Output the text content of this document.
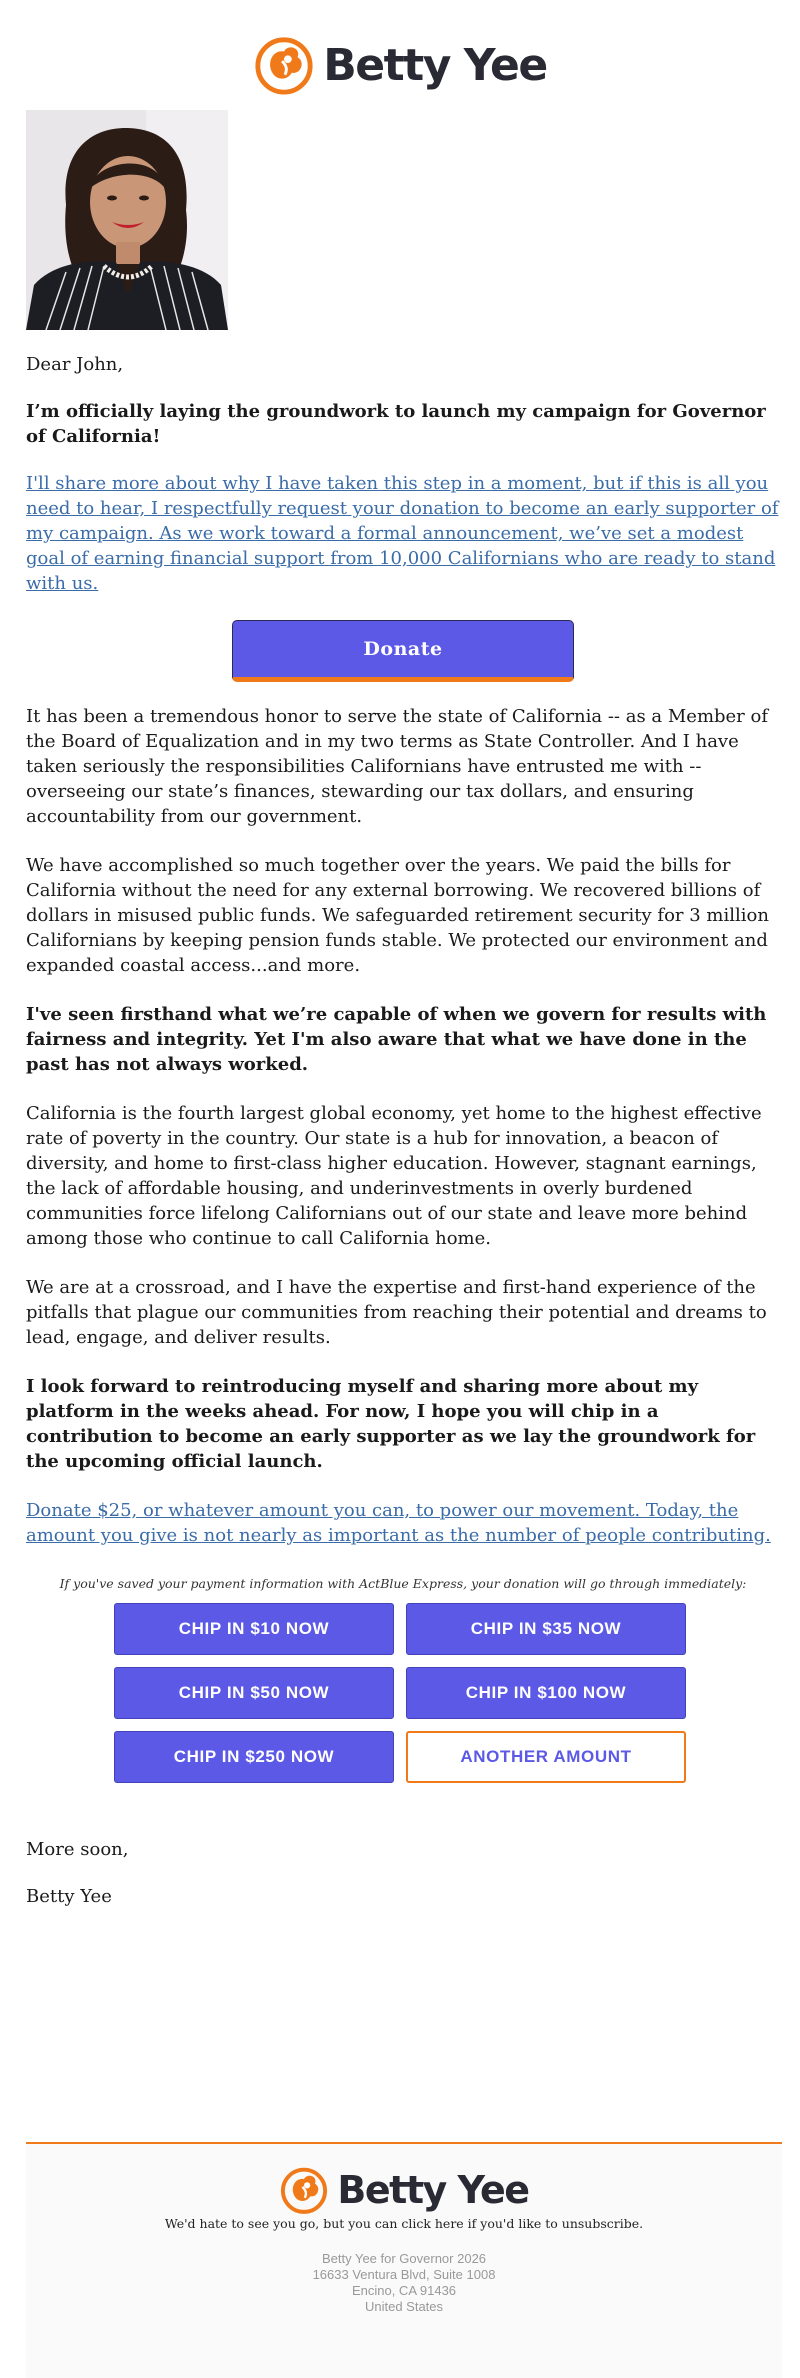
Betty Yee

Dear John,

I’m officially laying the groundwork to launch my campaign for Governor of California!

I'll share more about why I have taken this step in a moment, but if this is all you need to hear, I respectfully request your donation to become an early supporter of my campaign. As we work toward a formal announcement, we’ve set a modest goal of earning financial support from 10,000 Californians who are ready to stand with us.

Donate

It has been a tremendous honor to serve the state of California -- as a Member of the Board of Equalization and in my two terms as State Controller. And I have taken seriously the responsibilities Californians have entrusted me with -- overseeing our state’s finances, stewarding our tax dollars, and ensuring accountability from our government.

We have accomplished so much together over the years. We paid the bills for California without the need for any external borrowing. We recovered billions of dollars in misused public funds. We safeguarded retirement security for 3 million Californians by keeping pension funds stable. We protected our environment and expanded coastal access...and more.

I've seen firsthand what we’re capable of when we govern for results with fairness and integrity. Yet I'm also aware that what we have done in the past has not always worked.

California is the fourth largest global economy, yet home to the highest effective rate of poverty in the country. Our state is a hub for innovation, a beacon of diversity, and home to first-class higher education. However, stagnant earnings, the lack of affordable housing, and underinvestments in overly burdened communities force lifelong Californians out of our state and leave more behind among those who continue to call California home.

We are at a crossroad, and I have the expertise and first-hand experience of the pitfalls that plague our communities from reaching their potential and dreams to lead, engage, and deliver results.

I look forward to reintroducing myself and sharing more about my platform in the weeks ahead. For now, I hope you will chip in a contribution to become an early supporter as we lay the groundwork for the upcoming official launch.

Donate $25, or whatever amount you can, to power our movement. Today, the amount you give is not nearly as important as the number of people contributing.

If you've saved your payment information with ActBlue Express, your donation will go through immediately:

CHIP IN $10 NOW	CHIP IN $35 NOW
CHIP IN $50 NOW	CHIP IN $100 NOW
CHIP IN $250 NOW	ANOTHER AMOUNT

More soon,

Betty Yee

Betty Yee

We'd hate to see you go, but you can click here if you'd like to unsubscribe.

Betty Yee for Governor 2026
16633 Ventura Blvd, Suite 1008
Encino, CA 91436
United States
